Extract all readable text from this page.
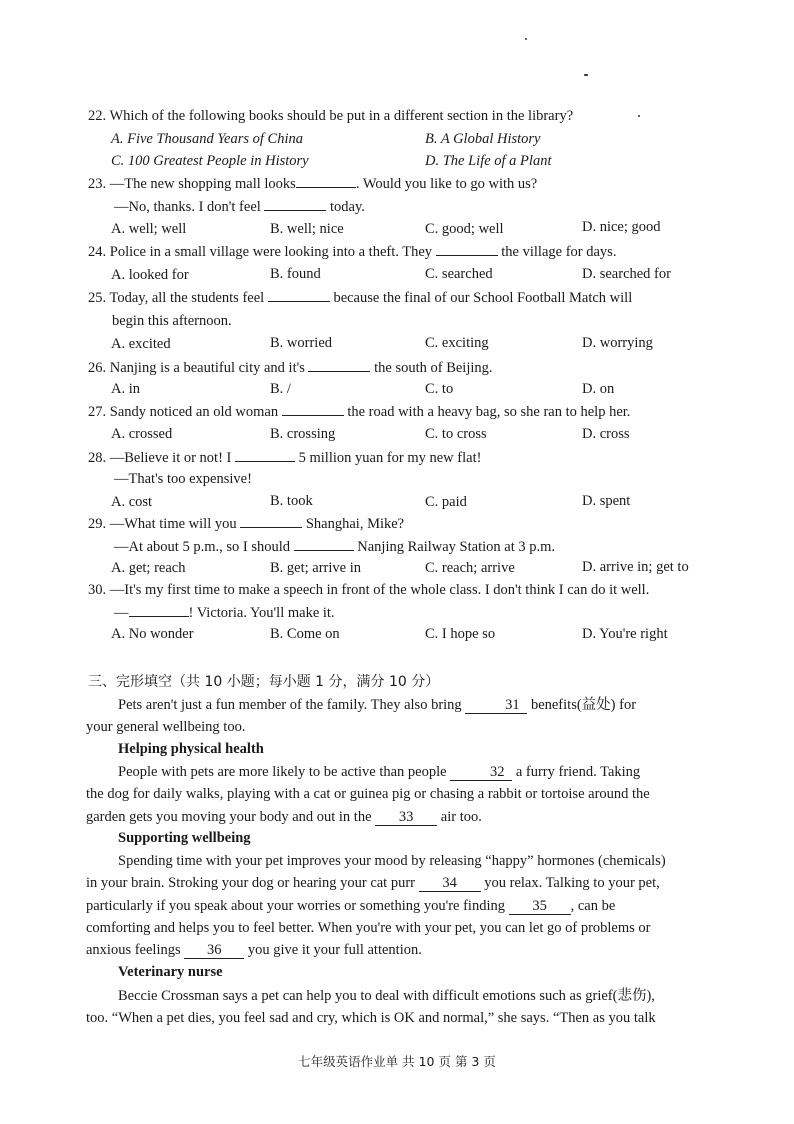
22. Which of the following books should be put in a different section in the library?
A. Five Thousand Years of China	B. A Global History
C. 100 Greatest People in History	D. The Life of a Plant
23. —The new shopping mall looks	. Would you like to go with us?
—No, thanks. I don't feel	today.
A. well; well	B. well; nice	C. good; well	D. nice; good
24. Police in a small village were looking into a theft. They	the village for days.
A. looked for	B. found	C. searched	D. searched for
25. Today, all the students feel	because the final of our School Football Match will
begin this afternoon.
A. excited	B. worried	C. exciting	D. worrying
26. Nanjing is a beautiful city and it's	the south of Beijing.
A. in	B. /	C. to	D. on
27. Sandy noticed an old woman	the road with a heavy bag, so she ran to help her.
A. crossed	B. crossing	C. to cross	D. cross
28. —Believe it or not! I	5 million yuan for my new flat!
—That's too expensive!
A. cost	B. took	C. paid	D. spent
29. —What time will you	Shanghai, Mike?
—At about 5 p.m., so I should	Nanjing Railway Station at 3 p.m.
A. get; reach	B. get; arrive in	C. reach; arrive	D. arrive in; get to
30. —It's my first time to make a speech in front of the whole class. I don't think I can do it well.
—	! Victoria. You'll make it.
A. No wonder	B. Come on	C. I hope so	D. You're right
三、完形填空（共 10 小题；每小题 1 分，满分 10 分）
Pets aren't just a fun member of the family. They also bring	31 benefits(益处) for
your general wellbeing too.
Helping physical health
People with pets are more likely to be active than people	32 a furry friend. Taking
the dog for daily walks, playing with a cat or guinea pig or chasing a rabbit or tortoise around the
garden gets you moving your body and out in the 33 air too.
Supporting wellbeing
Spending time with your pet improves your mood by releasing “happy” hormones (chemicals)
in your brain. Stroking your dog or hearing your cat purr 34 you relax. Talking to your pet,
particularly if you speak about your worries or something you're finding 35 , can be
comforting and helps you to feel better. When you're with your pet, you can let go of problems or
anxious feelings 36 you give it your full attention.
Veterinary nurse
Beccie Crossman says a pet can help you to deal with difficult emotions such as grief(悲伤),
too. “When a pet dies, you feel sad and cry, which is OK and normal,” she says. “Then as you talk
七年级英语作业单 共 10 页 第 3 页
